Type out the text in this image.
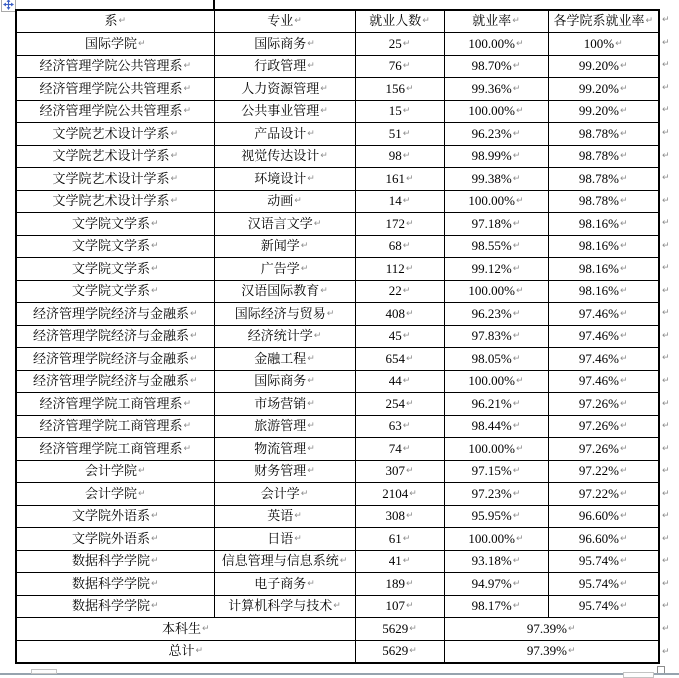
系↵	专业↵	就业人数↵	就业率↵	各学院系就业率↵
国际学院↵	国际商务↵	25↵	100.00%↵	100%↵
经济管理学院公共管理系↵	行政管理↵	76↵	98.70%↵	99.20%↵
经济管理学院公共管理系↵	人力资源管理↵	156↵	99.36%↵	99.20%↵
经济管理学院公共管理系↵	公共事业管理↵	15↵	100.00%↵	99.20%↵
文学院艺术设计学系↵	产品设计↵	51↵	96.23%↵	98.78%↵
文学院艺术设计学系↵	视觉传达设计↵	98↵	98.99%↵	98.78%↵
文学院艺术设计学系↵	环境设计↵	161↵	99.38%↵	98.78%↵
文学院艺术设计学系↵	动画↵	14↵	100.00%↵	98.78%↵
文学院文学系↵	汉语言文学↵	172↵	97.18%↵	98.16%↵
文学院文学系↵	新闻学↵	68↵	98.55%↵	98.16%↵
文学院文学系↵	广告学↵	112↵	99.12%↵	98.16%↵
文学院文学系↵	汉语国际教育↵	22↵	100.00%↵	98.16%↵
经济管理学院经济与金融系↵	国际经济与贸易↵	408↵	96.23%↵	97.46%↵
经济管理学院经济与金融系↵	经济统计学↵	45↵	97.83%↵	97.46%↵
经济管理学院经济与金融系↵	金融工程↵	654↵	98.05%↵	97.46%↵
经济管理学院经济与金融系↵	国际商务↵	44↵	100.00%↵	97.46%↵
经济管理学院工商管理系↵	市场营销↵	254↵	96.21%↵	97.26%↵
经济管理学院工商管理系↵	旅游管理↵	63↵	98.44%↵	97.26%↵
经济管理学院工商管理系↵	物流管理↵	74↵	100.00%↵	97.26%↵
会计学院↵	财务管理↵	307↵	97.15%↵	97.22%↵
会计学院↵	会计学↵	2104↵	97.23%↵	97.22%↵
文学院外语系↵	英语↵	308↵	95.95%↵	96.60%↵
文学院外语系↵	日语↵	61↵	100.00%↵	96.60%↵
数据科学学院↵	信息管理与信息系统↵	41↵	93.18%↵	95.74%↵
数据科学学院↵	电子商务↵	189↵	94.97%↵	95.74%↵
数据科学学院↵	计算机科学与技术↵	107↵	98.17%↵	95.74%↵
本科生↵		5629↵	97.39%↵	
总计↵		5629↵	97.39%↵	
↵
↵
↵
↵
↵
↵
↵
↵
↵
↵
↵
↵
↵
↵
↵
↵
↵
↵
↵
↵
↵
↵
↵
↵
↵
↵
↵
↵
↵
